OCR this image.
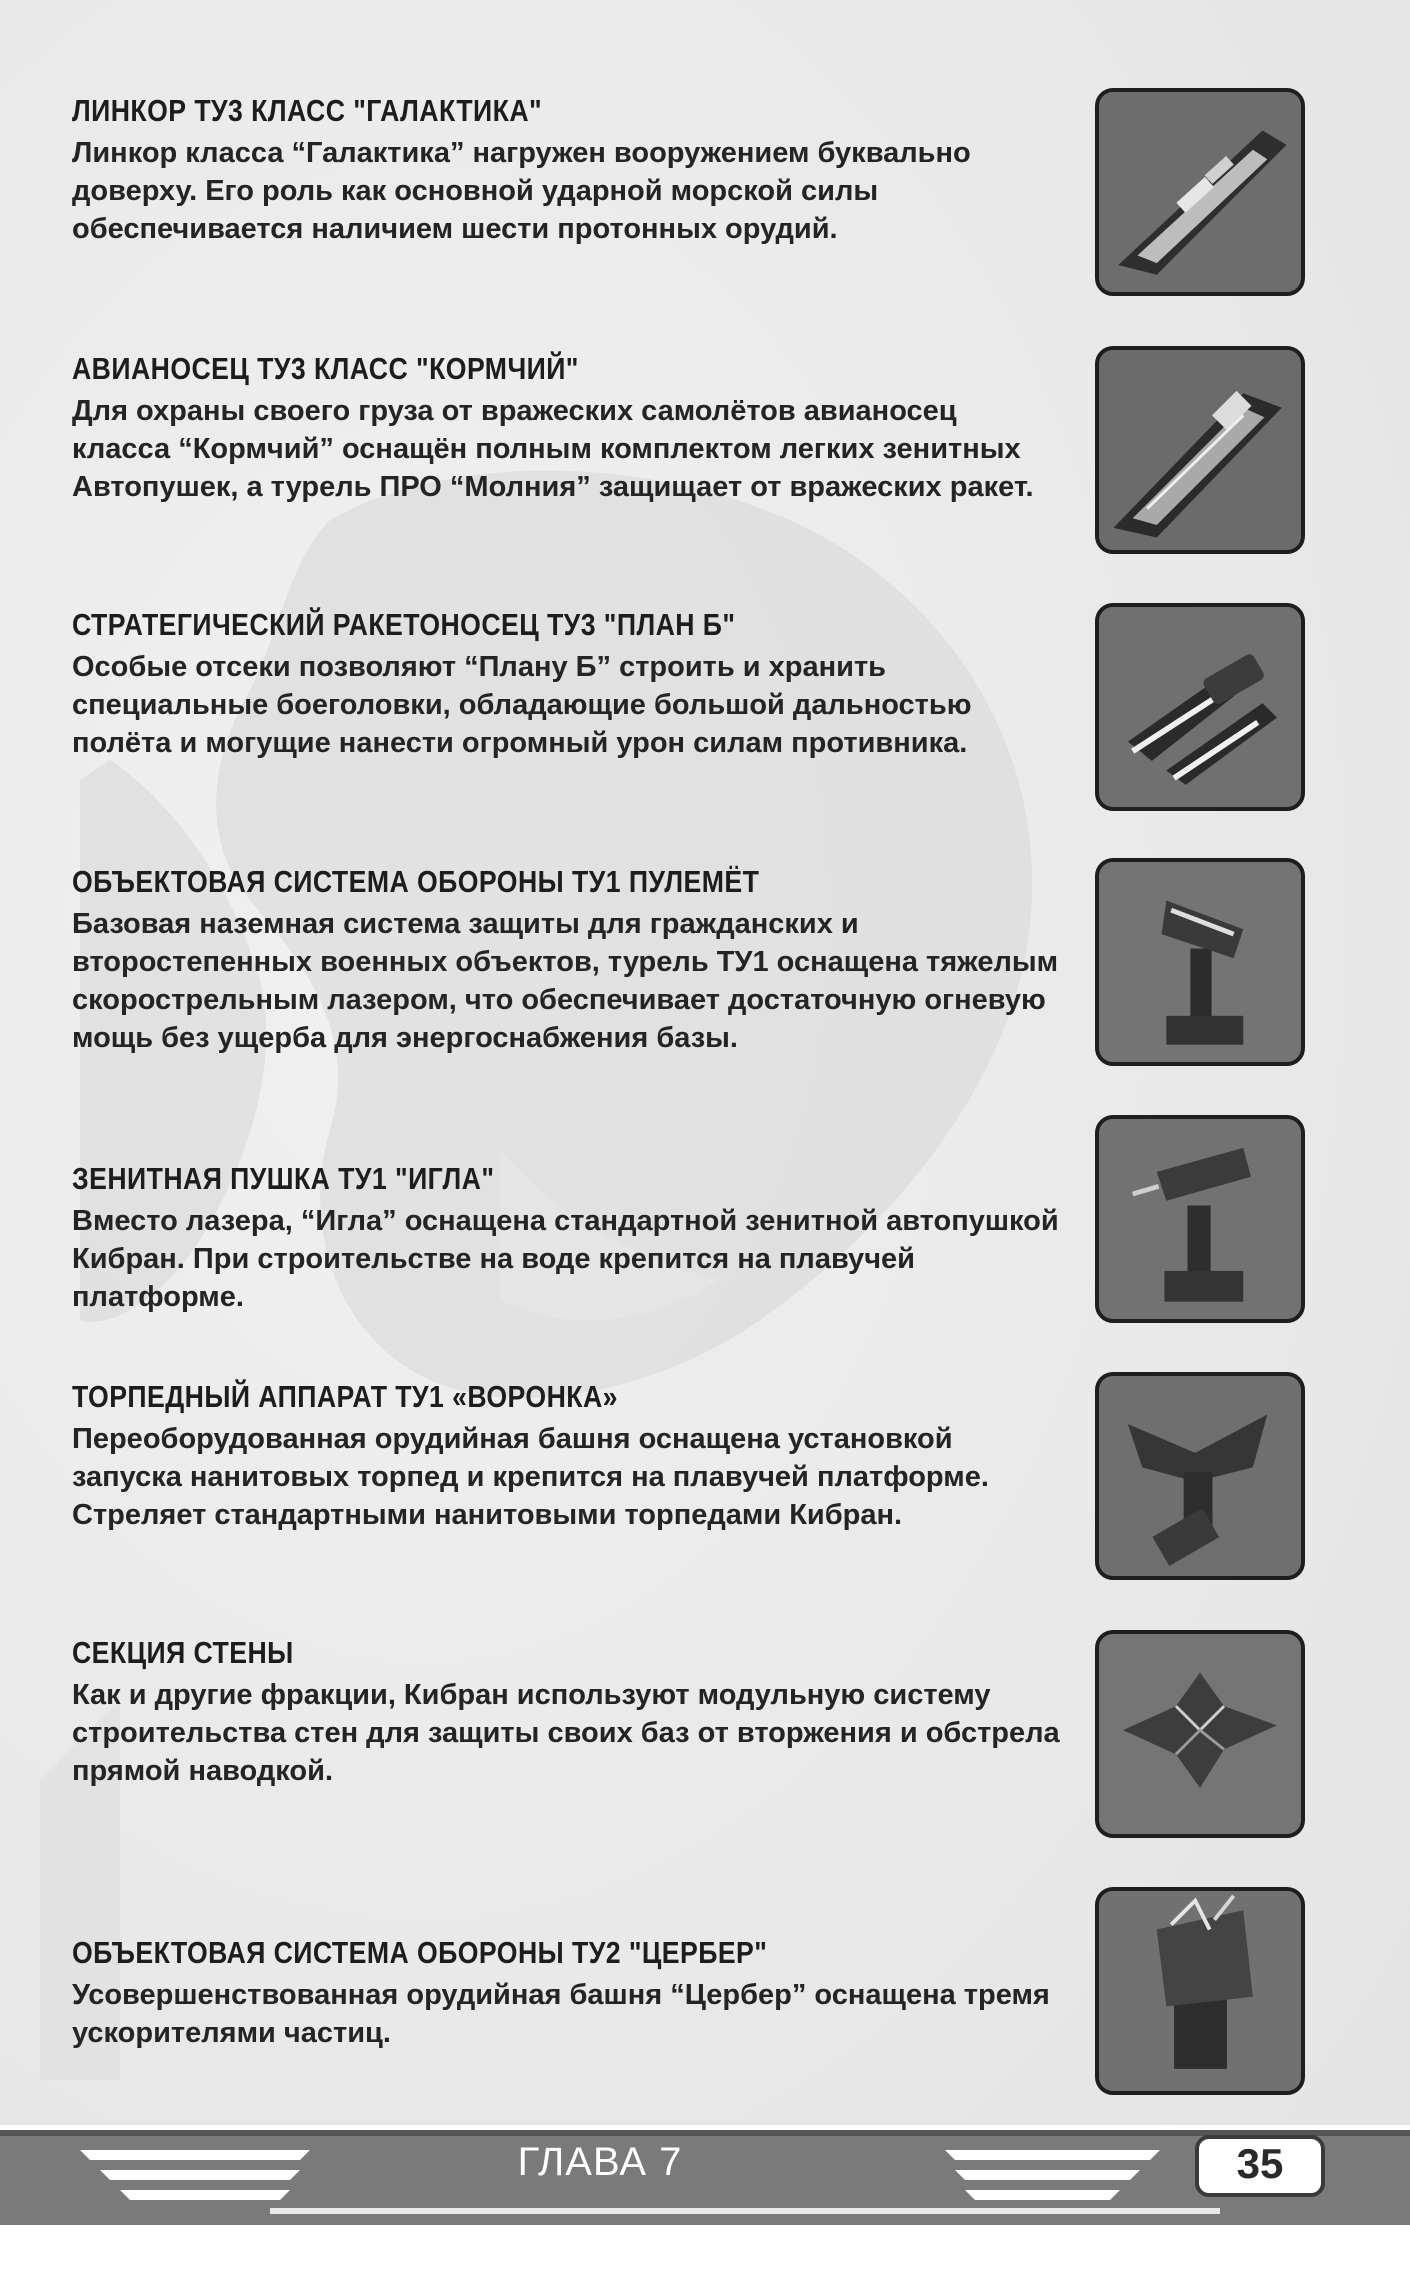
ЛИНКОР ТУ3 КЛАСС "ГАЛАКТИКА"

Линкор класса “Галактика” нагружен вооружением буквально доверху. Его роль как основной ударной морской силы обеспечивается наличием шести протонных орудий.

АВИАНОСЕЦ ТУ3 КЛАСС "КОРМЧИЙ"

Для охраны своего груза от вражеских самолётов авианосец класса “Кормчий” оснащён полным комплектом легких зенитных Автопушек, а турель ПРО “Молния” защищает от вражеских ракет.

СТРАТЕГИЧЕСКИЙ РАКЕТОНОСЕЦ ТУ3 "ПЛАН Б"

Особые отсеки позволяют “Плану Б” строить и хранить специальные боеголовки, обладающие большой дальностью полёта и могущие нанести огромный урон силам противника.

ОБЪЕКТОВАЯ СИСТЕМА ОБОРОНЫ ТУ1 ПУЛЕМЁТ

Базовая наземная система защиты для гражданских и второстепенных военных объектов, турель ТУ1 оснащена тяжелым скорострельным лазером, что обеспечивает достаточную огневую мощь без ущерба для энергоснабжения базы.

ЗЕНИТНАЯ ПУШКА ТУ1 "ИГЛА"

Вместо лазера, “Игла” оснащена стандартной зенитной автопушкой Кибран. При строительстве на воде крепится на плавучей платформе.

ТОРПЕДНЫЙ АППАРАТ ТУ1 «ВОРОНКА»

Переоборудованная орудийная башня оснащена установкой запуска нанитовых торпед и крепится на плавучей платформе. Стреляет стандартными нанитовыми торпедами Кибран.

СЕКЦИЯ СТЕНЫ

Как и другие фракции, Кибран используют модульную систему строительства стен для защиты своих баз от вторжения и обстрела прямой наводкой.

ОБЪЕКТОВАЯ СИСТЕМА ОБОРОНЫ ТУ2 "ЦЕРБЕР"

Усовершенствованная орудийная башня “Цербер” оснащена тремя ускорителями частиц.

ГЛАВА 7	35
